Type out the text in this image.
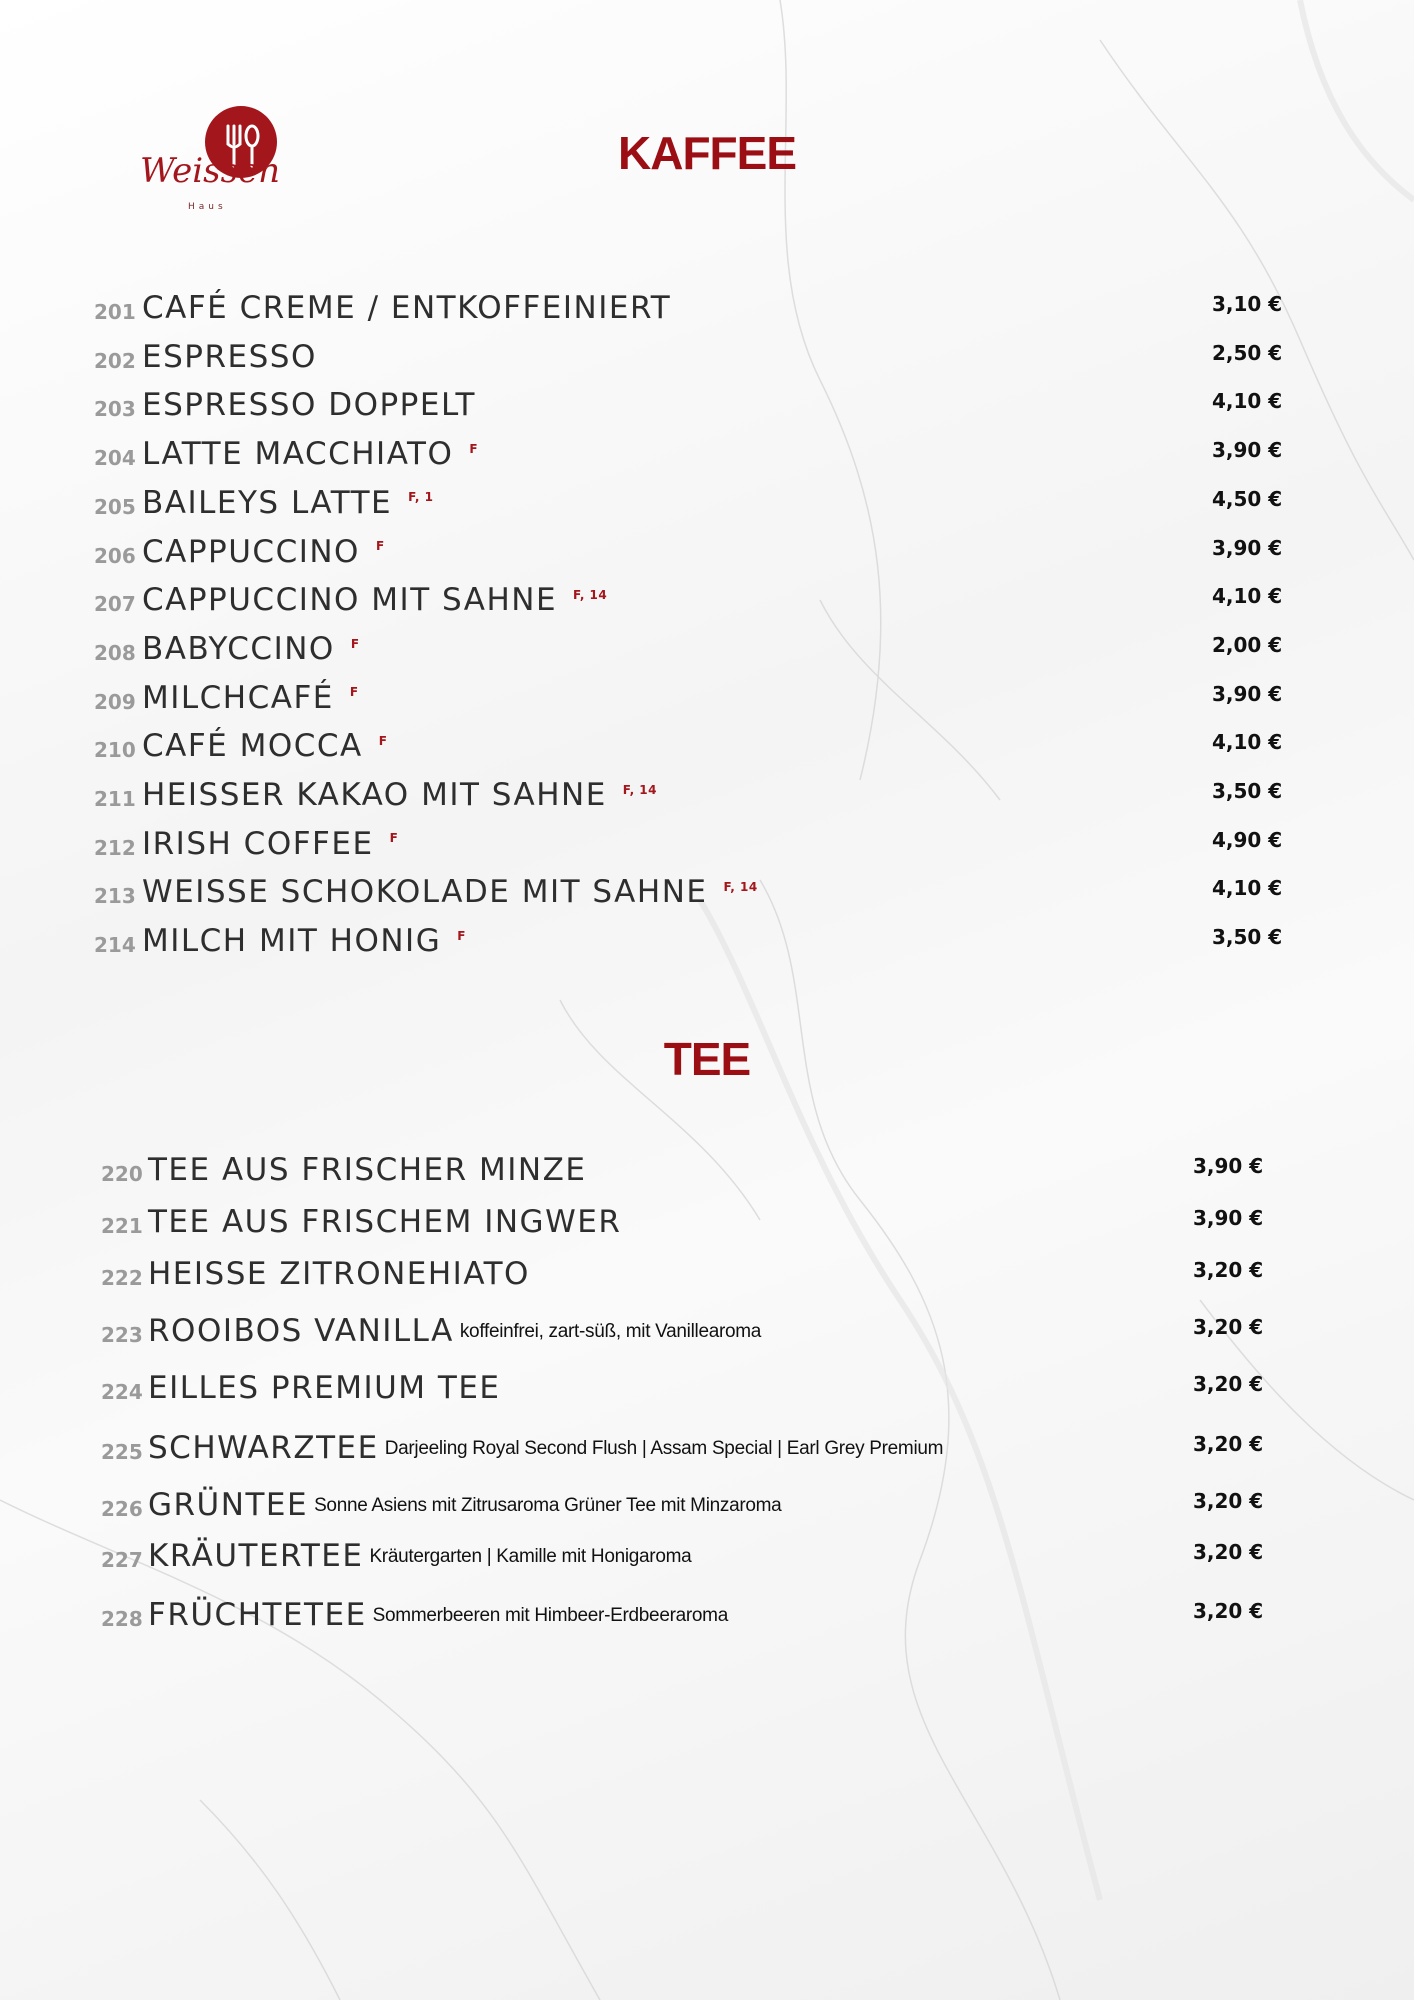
Weissen
Haus
KAFFEE
201 CAFÉ CREME / ENTKOFFEINIERT	3,10 €
202 ESPRESSO	2,50 €
203 ESPRESSO DOPPELT	4,10 €
204 LATTE MACCHIATO $^F$	3,90 €
205 BAILEYS LATTE $^{F, 1}$	4,50 €
206 CAPPUCCINO $^F$	3,90 €
207 CAPPUCCINO MIT SAHNE $^{F, 14}$	4,10 €
208 BABYCCINO $^F$	2,00 €
209 MILCHCAFÉ $^F$	3,90 €
210 CAFÉ MOCCA $^F$	4,10 €
211 HEISSER KAKAO MIT SAHNE $^{F, 14}$	3,50 €
212 IRISH COFFEE $^F$	4,90 €
213 WEISSE SCHOKOLADE MIT SAHNE $^{F, 14}$	4,10 €
214 MILCH MIT HONIG $^F$	3,50 €
TEE
220 TEE AUS FRISCHER MINZE	3,90 €
221 TEE AUS FRISCHEM INGWER	3,90 €
222 HEISSE ZITRONEHIATO	3,20 €
223 ROOIBOS VANILLA koffeinfrei, zart-süß, mit Vanillearoma	3,20 €
224 EILLES PREMIUM TEE	3,20 €
225 SCHWARZTEE Darjeeling Royal Second Flush | Assam Special | Earl Grey Premium	3,20 €
226 GRÜNTEE Sonne Asiens mit Zitrusaroma Grüner Tee mit Minzaroma	3,20 €
227 KRÄUTERTEE Kräutergarten | Kamille mit Honigaroma	3,20 €
228 FRÜCHTETEE Sommerbeeren mit Himbeer-Erdbeeraroma	3,20 €
